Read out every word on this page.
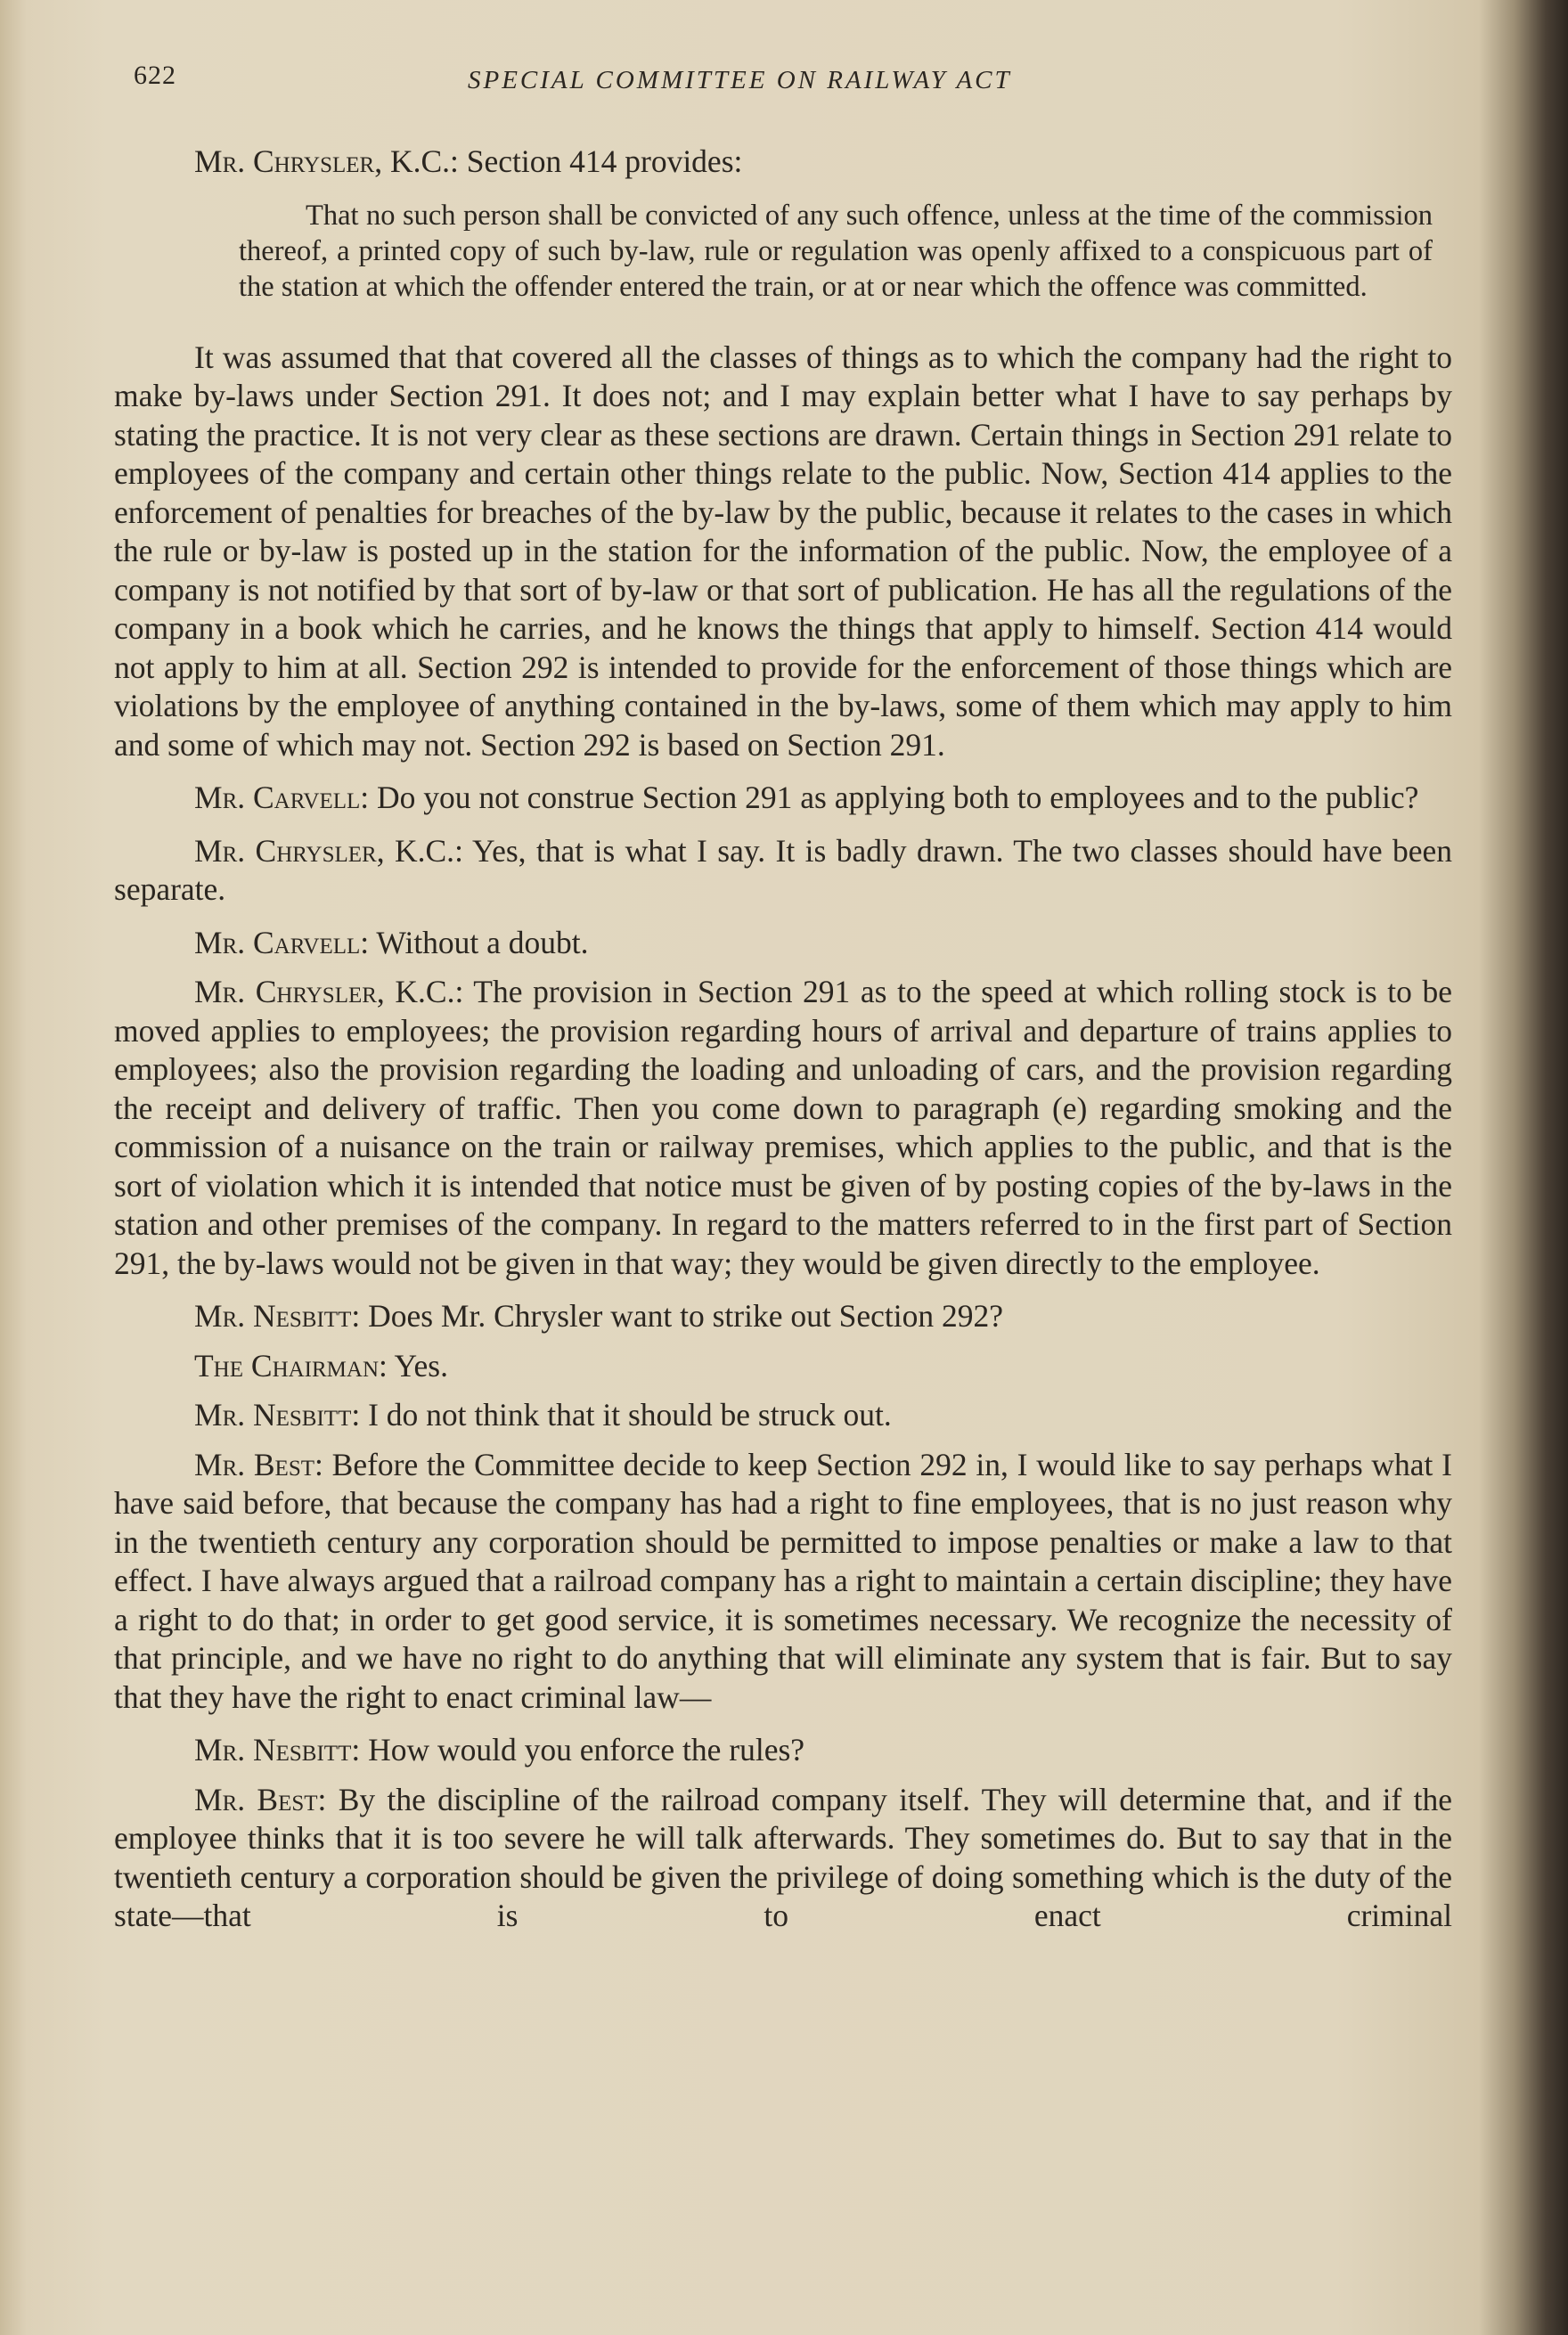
622	SPECIAL COMMITTEE ON RAILWAY ACT

Mr. Chrysler, K.C.: Section 414 provides:

That no such person shall be convicted of any such offence, unless at the time of the commission thereof, a printed copy of such by-law, rule or regulation was openly affixed to a conspicuous part of the station at which the offender entered the train, or at or near which the offence was committed.

It was assumed that that covered all the classes of things as to which the company had the right to make by-laws under Section 291. It does not; and I may explain better what I have to say perhaps by stating the practice. It is not very clear as these sections are drawn. Certain things in Section 291 relate to employees of the company and certain other things relate to the public. Now, Section 414 applies to the enforcement of penalties for breaches of the by-law by the public, because it relates to the cases in which the rule or by-law is posted up in the station for the information of the public. Now, the employee of a company is not notified by that sort of by-law or that sort of publication. He has all the regulations of the company in a book which he carries, and he knows the things that apply to himself. Section 414 would not apply to him at all. Section 292 is intended to provide for the enforcement of those things which are violations by the employee of anything contained in the by-laws, some of them which may apply to him and some of which may not. Section 292 is based on Section 291.

Mr. Carvell: Do you not construe Section 291 as applying both to employees and to the public?

Mr. Chrysler, K.C.: Yes, that is what I say. It is badly drawn. The two classes should have been separate.

Mr. Carvell: Without a doubt.

Mr. Chrysler, K.C.: The provision in Section 291 as to the speed at which rolling stock is to be moved applies to employees; the provision regarding hours of arrival and departure of trains applies to employees; also the provision regarding the loading and unloading of cars, and the provision regarding the receipt and delivery of traffic. Then you come down to paragraph (e) regarding smoking and the commission of a nuisance on the train or railway premises, which applies to the public, and that is the sort of violation which it is intended that notice must be given of by posting copies of the by-laws in the station and other premises of the company. In regard to the matters referred to in the first part of Section 291, the by-laws would not be given in that way; they would be given directly to the employee.

Mr. Nesbitt: Does Mr. Chrysler want to strike out Section 292?

The Chairman: Yes.

Mr. Nesbitt: I do not think that it should be struck out.

Mr. Best: Before the Committee decide to keep Section 292 in, I would like to say perhaps what I have said before, that because the company has had a right to fine employees, that is no just reason why in the twentieth century any corporation should be permitted to impose penalties or make a law to that effect. I have always argued that a railroad company has a right to maintain a certain discipline; they have a right to do that; in order to get good service, it is sometimes necessary. We recognize the necessity of that principle, and we have no right to do anything that will eliminate any system that is fair. But to say that they have the right to enact criminal law—

Mr. Nesbitt: How would you enforce the rules?

Mr. Best: By the discipline of the railroad company itself. They will determine that, and if the employee thinks that it is too severe he will talk afterwards. They sometimes do. But to say that in the twentieth century a corporation should be given the privilege of doing something which is the duty of the state—that is to enact criminal
